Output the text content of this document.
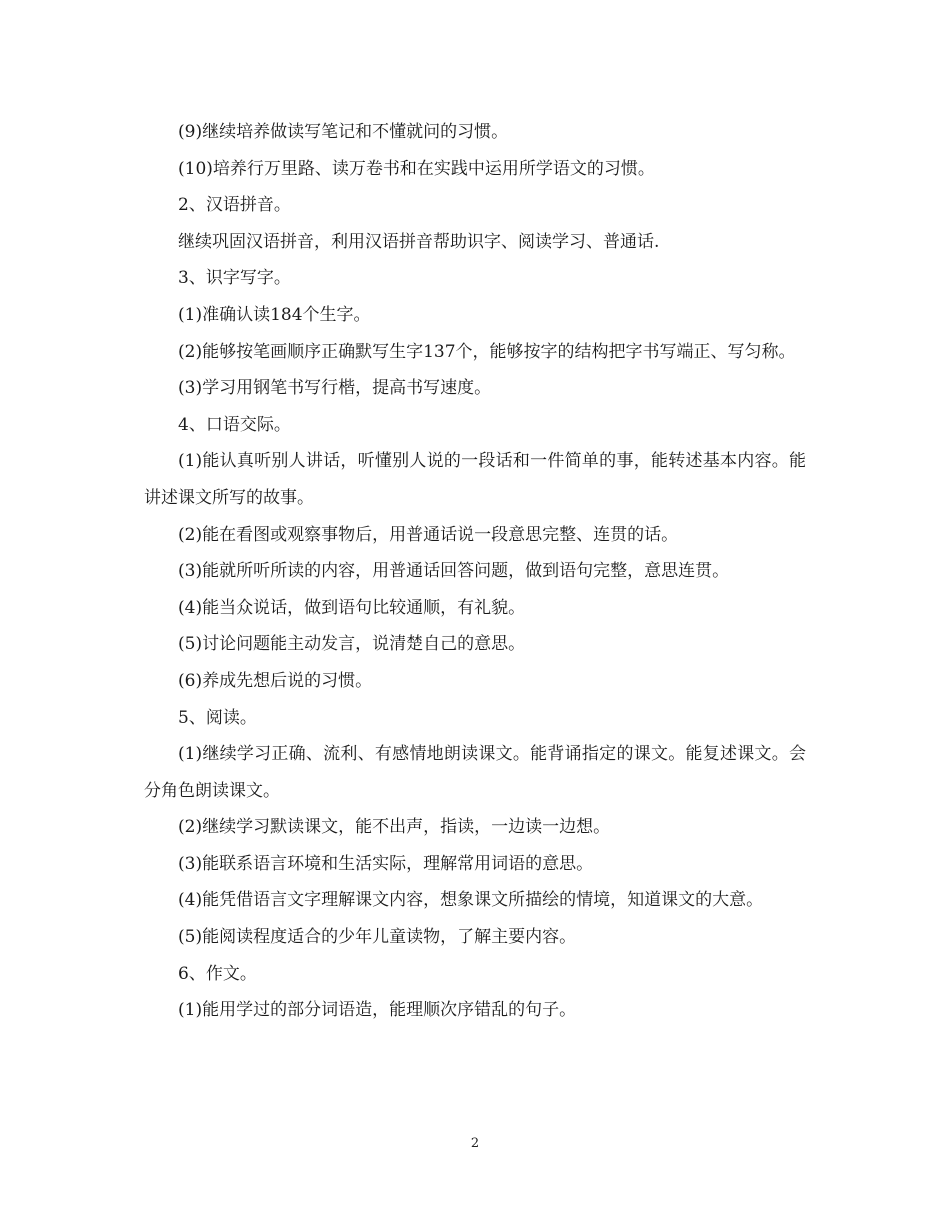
(9)继续培养做读写笔记和不懂就问的习惯。

(10)培养行万里路、读万卷书和在实践中运用所学语文的习惯。

2、汉语拼音。

继续巩固汉语拼音，利用汉语拼音帮助识字、阅读学习、普通话.

3、识字写字。

(1)准确认读184个生字。

(2)能够按笔画顺序正确默写生字137个，能够按字的结构把字书写端正、写匀称。

(3)学习用钢笔书写行楷，提高书写速度。

4、口语交际。

(1)能认真听别人讲话，听懂别人说的一段话和一件简单的事，能转述基本内容。能讲述课文所写的故事。

(2)能在看图或观察事物后，用普通话说一段意思完整、连贯的话。

(3)能就所听所读的内容，用普通话回答问题，做到语句完整，意思连贯。

(4)能当众说话，做到语句比较通顺，有礼貌。

(5)讨论问题能主动发言，说清楚自己的意思。

(6)养成先想后说的习惯。

5、阅读。

(1)继续学习正确、流利、有感情地朗读课文。能背诵指定的课文。能复述课文。会分角色朗读课文。

(2)继续学习默读课文，能不出声，指读，一边读一边想。

(3)能联系语言环境和生活实际，理解常用词语的意思。

(4)能凭借语言文字理解课文内容，想象课文所描绘的情境，知道课文的大意。

(5)能阅读程度适合的少年儿童读物，了解主要内容。

6、作文。

(1)能用学过的部分词语造，能理顺次序错乱的句子。

2
